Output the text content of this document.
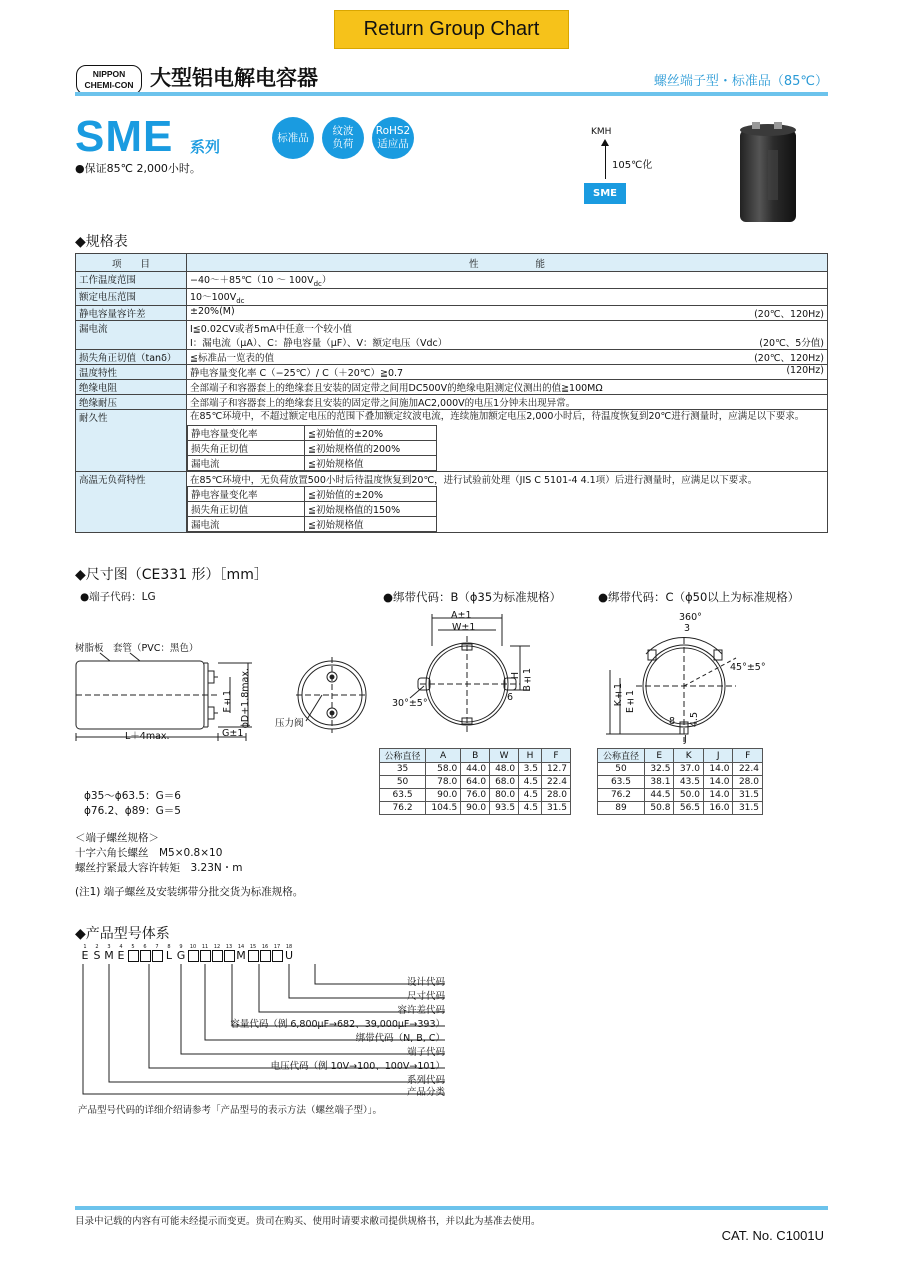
Return Group Chart
NIPPON
CHEMI-CON 大型铝电解电容器	螺丝端子型・标准品（85℃）
SME 系列
标准品
纹波
负荷
RoHS2
适应品
●保证85℃ 2,000小时。
KMH
105℃化
SME
◆规格表
项　　目	性　　　　　　能
工作温度范围	−40〜＋85℃（10 〜 $100V_{dc}$）
额定电压范围	10〜$100V_{dc}$
静电容量容许差	±20%(M)	(20℃、120Hz)

漏电流	I≦0.02CV或者5mA中任意一个较小值
I：漏电流（μA）、C：静电容量（μF）、V：额定电压（Vdc）	(20℃、5分值)

损失角正切值（tanδ）	≦标准品一览表的值	(20℃、120Hz)

温度特性	静电容量变化率 C（−25℃）/ C（＋20℃）≧0.7	(120Hz)

绝缘电阻	全部端子和容器套上的绝缘套且安装的固定带之间用DC500V的绝缘电阻测定仪测出的值≧100MΩ
绝缘耐压	全部端子和容器套上的绝缘套且安装的固定带之间施加AC2,000V的电压1分钟未出现异常。
耐久性	在85℃环境中，不超过额定电压的范围下叠加额定纹波电流，连续施加额定电压2,000小时后，待温度恢复到20℃进行测量时，应满足以下要求。
静电容量变化率	≦初始值的±20%
损失角正切值	≦初始规格值的200%
漏电流	≦初始规格值

高温无负荷特性	在85℃环境中，无负荷放置500小时后待温度恢复到20℃，进行试验前处理（JIS C 5101-4 4.1项）后进行测量时，应满足以下要求。
静电容量变化率	≦初始值的±20%
损失角正切值	≦初始规格值的150%
漏电流	≦初始规格值
◆尺寸图（CE331 形）［mm］
●端子代码：LG	●绑带代码：B（ϕ35为标准规格）	●绑带代码：C（ϕ50以上为标准规格）
树脂板 套管（PVC：黑色）
L＋4max.	G±1
F±1 ϕD+1.8max.	压力阀
A±1
W±1
H B±1
6
30°±5°
360°
3
45°±5°
K±1 E±1
8 4.5
J
公称直径	A	B	W	H	F
35	58.0	44.0	48.0	3.5	12.7
50	78.0	64.0	68.0	4.5	22.4
63.5	90.0	76.0	80.0	4.5	28.0
76.2	104.5	90.0	93.5	4.5	31.5
公称直径	E	K	J	F
50	32.5	37.0	14.0	22.4
63.5	38.1	43.5	14.0	28.0
76.2	44.5	50.0	14.0	31.5
89	50.8	56.5	16.0	31.5
ϕ35〜ϕ63.5：G＝6
ϕ76.2、ϕ89：G＝5
＜端子螺丝规格＞
十字六角长螺丝　M5×0.8×10
螺丝拧紧最大容许转矩　3.23N・m
(注1) 端子螺丝及安装绑带分批交货为标准规格。
◆产品型号体系
1
E
2
S
3
M
4
E
5	6	7	8
L
9
G
10	11	12	13	14
M
15	16	17	18
U
设计代码
尺寸代码
容许差代码
容量代码（例 6,800μF→682、39,000μF→393）
绑带代码（N, B, C）
端子代码
电压代码（例 10V→100、100V→101）
系列代码
产品分类
产品型号代码的详细介绍请参考「产品型号的表示方法（螺丝端子型）」。
目录中记载的内容有可能未经提示而变更。贵司在购买、使用时请要求敝司提供规格书，并以此为基准去使用。
CAT. No. C1001U
